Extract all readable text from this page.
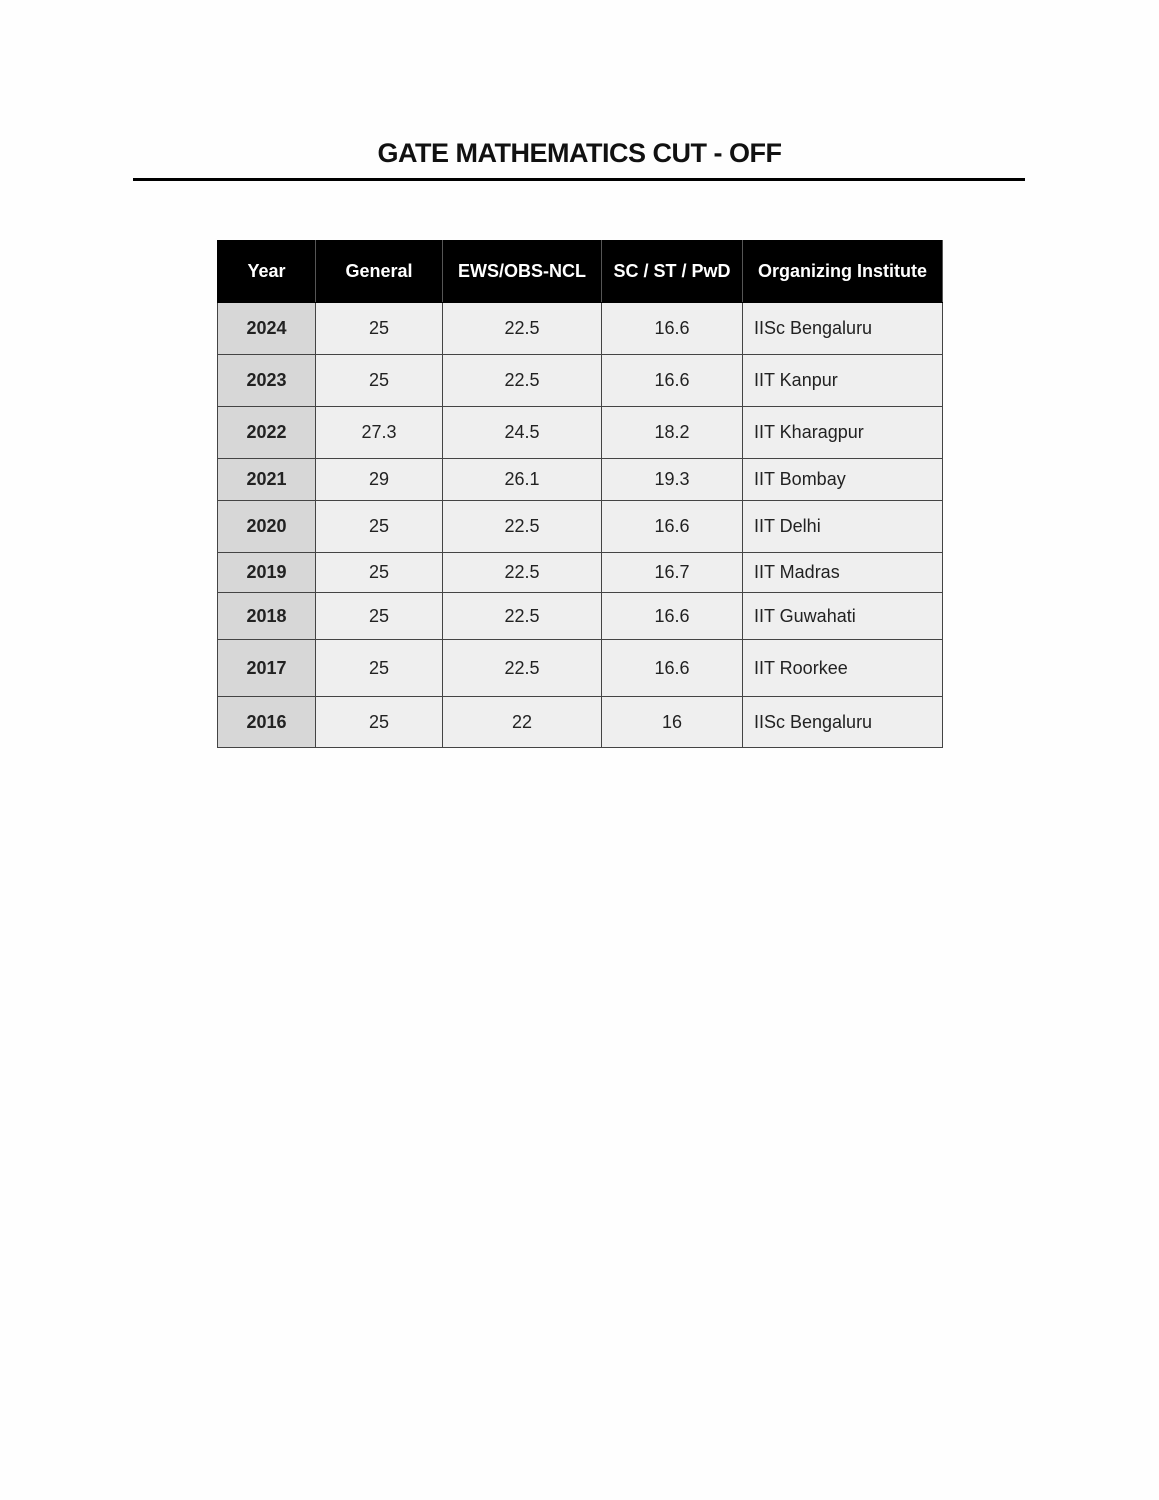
GATE MATHEMATICS CUT - OFF
Year	General	EWS/OBS-NCL	SC / ST / PwD	Organizing Institute
2024	25	22.5	16.6	IISc Bengaluru
2023	25	22.5	16.6	IIT Kanpur
2022	27.3	24.5	18.2	IIT Kharagpur
2021	29	26.1	19.3	IIT Bombay
2020	25	22.5	16.6	IIT Delhi
2019	25	22.5	16.7	IIT Madras
2018	25	22.5	16.6	IIT Guwahati
2017	25	22.5	16.6	IIT Roorkee
2016	25	22	16	IISc Bengaluru
